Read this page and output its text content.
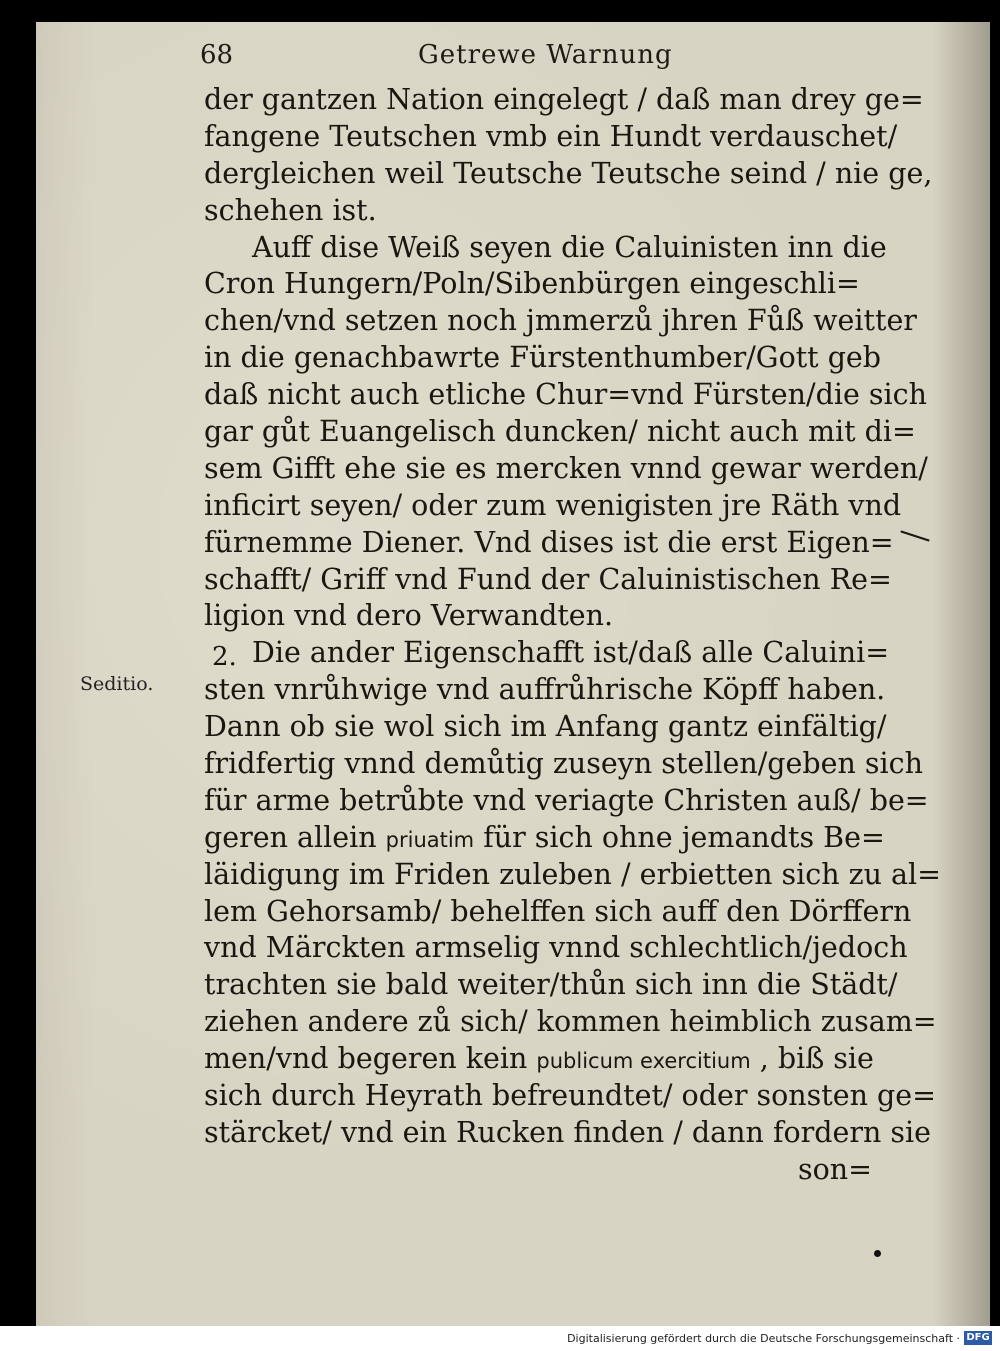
68	Getrewe Warnung
der gantzen Nation eingelegt / daß man drey ge=
fangene Teutschen vmb ein Hundt verdauschet/
dergleichen weil Teutsche Teutsche seind / nie ge,
schehen ist.
Auff dise Weiß seyen die Caluinisten inn die
Cron Hungern/Poln/Sibenbürgen eingeschli=
chen/vnd setzen noch jmmerzů jhren Fůß weitter
in die genachbawrte Fürstenthumber/Gott geb
daß nicht auch etliche Chur=vnd Fürsten/die sich
gar gůt Euangelisch duncken/ nicht auch mit di=
sem Gifft ehe sie es mercken vnnd gewar werden/
inficirt seyen/ oder zum wenigisten jre Räth vnd
fürnemme Diener. Vnd dises ist die erst Eigen=
schafft/ Griff vnd Fund der Caluinistischen Re=
ligion vnd dero Verwandten.
Die ander Eigenschafft ist/daß alle Caluini=
sten vnrůhwige vnd auffrůhrische Köpff haben.
Dann ob sie wol sich im Anfang gantz einfältig/
fridfertig vnnd demůtig zuseyn stellen/geben sich
für arme betrůbte vnd veriagte Christen auß/ be=
geren allein priuatim für sich ohne jemandts Be=
läidigung im Friden zuleben / erbietten sich zu al=
lem Gehorsamb/ behelffen sich auff den Dörffern
vnd Märckten armselig vnnd schlechtlich/jedoch
trachten sie bald weiter/thůn sich inn die Städt/
ziehen andere zů sich/ kommen heimblich zusam=
men/vnd begeren kein publicum exercitium , biß sie
sich durch Heyrath befreundtet/ oder sonsten ge=
stärcket/ vnd ein Rucken finden / dann fordern sie
son=
2.
Seditio.
Digitalisierung gefördert durch die Deutsche Forschungsgemeinschaft · DFG
